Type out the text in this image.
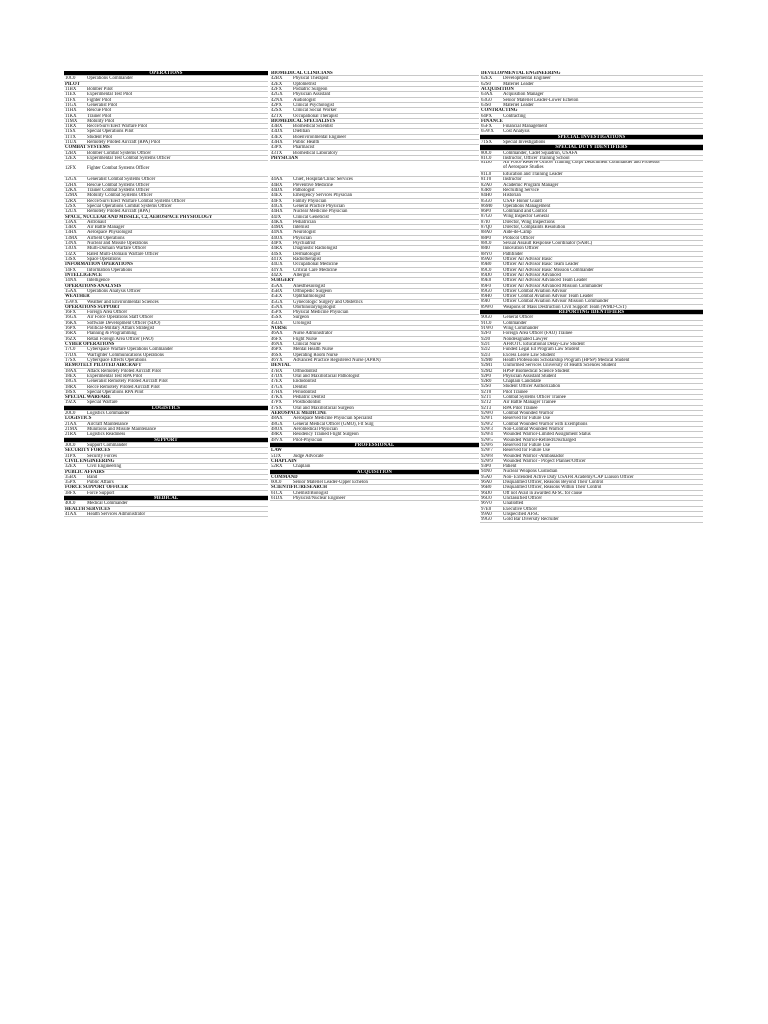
OPERATIONS
10C0 Operations Commander
PILOT
11BX Bomber Pilot
11EX Experimental Test Pilot
11FX Fighter Pilot
11GX Generalist Pilot
11HX Rescue Pilot
11KX Trainer Pilot
11MX Mobility Pilot
11RX Recce/Surv/Elect Warfare Pilot
11SX Special Operations Pilot
11TX Student Pilot
11UX Remotely Piloted Aircraft (RPA) Pilot
COMBAT SYSTEMS
12BX Bomber Combat Systems Officer
12EX Experimental Test Combat Systems Officer
12FX Fighter Combat Systems Officer
12GX Generalist Combat Systems Officer
12HX Rescue Combat Systems Officer
12KX Trainer Combat Systems Officer
12MX Mobility Combat Systems Officer
12RX Recce/Surv/Elect Warfare Combat Systems Officer
12SX Special Operations Combat Systems Officer
12UX Remotely Piloted Aircraft (RPA)
SPACE, NUCLEAR AND MISSILE, C2, AEROSPACE PHYSIOLOGY
13AX Astronaut
13BX Air Battle Manager
13HX Aerospace Physiologist
13MX Airfield Operations
13NX Nuclear and Missile Operations
13OX Multi-Domain Warfare Officer
13ZX Rated Multi-Domain Warfare Officer
13SX Space Operations
INFORMATION OPERATIONS
14FX Information Operations
INTELLIGENCE
14NX Intelligence
OPERATIONS ANALYSIS
15AX Operations Analysis Officer
WEATHER
15WX Weather and Environmental Sciences
OPERATIONS SUPPORT
16FX Foreign Area Officer
16GX Air Force Operations Staff Officer
16KX Software Development Officer (SDO)
16PX Political-Military Affairs Strategist
16RX Planning & Programming
16ZX Retail Foreign Area Officer (FAO)
CYBER OPERATIONS
17C0 Cyberspace Warfare Operations Commander
17DX Warfighter Communications Operations
17SX Cyberspace Effects Operations
REMOTELY PILOTED AIRCRAFT
18AX Attack Remotely Piloted Aircraft Pilot
18EX Experimental Test RPA Pilot
18GX Generalist Remotely Piloted Aircraft Pilot
18RX Recce Remotely Piloted Aircraft Pilot
18SX Special Operations RPA Pilot
SPECIAL WARFARE
19ZX Special Warfare
LOGISTICS
20C0 Logistics Commander
LOGISTICS
21AX Aircraft Maintenance
21MX Munitions and Missile Maintenance
21RX Logistics Readiness
SUPPORT
30C0 Support Commander
SECURITY FORCES
31PX Security Forces
CIVIL ENGINEERING
32EX Civil Engineering
PUBLIC AFFAIRS
35BX Band
35PX Public Affairs
FORCE SUPPORT OFFICER
38FX Force Support
MEDICAL
40C0 Medical Commander
HEALTH SERVICES
41AX Health Services Administrator
BIOMEDICAL CLINICIANS
42BX Physical Therapist
42EX Optometrist
42FX Podiatric Surgeon
42GX Physician Assistant
42NX Audiologist
42PX Clinical Psychologist
42SX Clinical Social Worker
42TX Occupational Therapist
BIOMEDICAL SPECIALISTS
43BX Biomedical Scientist
43DX Dietitian
43EX Bioenvironmental Engineer
43HX Public Health
43PX Pharmacist
43TX Biomedical Laboratory
PHYSICIAN
44AX Chief, Hospital/Clinic Services
44BX Preventive Medicine
44DX Pathologist
44EX Emergency Services Physician
44FX Family Physician
44GX General Practice Physician
44HX Nuclear Medicine Physician
44JX Clinical Geneticist
44KX Pediatrician
44MX Internist
44NX Neurologist
44OX Physician
44PX Psychiatrist
44RX Diagnostic Radiologist
44SX Dermatologist
44TX Radiotherapist
44UX Occupational Medicine
44YX Critical Care Medicine
44ZX Allergist
SURGERY
45AX Anesthesiologist
45BX Orthopedic Surgeon
45EX Ophthalmologist
45GX Gynecologic Surgery and Obstetrics
45NX Otorhinolaryngologist
45PX Physical Medicine Physician
45SX Surgeon
45UX Urologist
NURSE
46AX Nurse Administrator
46FX Flight Nurse
46NX Clinical Nurse
46PX Mental Health Nurse
46SX Operating Room Nurse
46YX Advanced Practice Registered Nurse (APRN)
DENTAL
47BX Orthodontist
47DX Oral and Maxillofacial Pathologist
47EX Endodontist
47GX Dentist
47HX Periodontist
47KX Pediatric Dentist
47PX Prosthodontist
47SX Oral and Maxillofacial Surgeon
AEROSPACE MEDICINE
48AX Aerospace Medicine Physician Specialist
48GX General Medical Officer (GMO), Flt Surg
48OX Aeromedical Physician
48RX Residency Trained Flight Surgeon
48VX Pilot-Physician
PROFESSIONAL
LAW
51JX Judge Advocate
CHAPLAIN
52RX Chaplain
ACQUISITION
COMMAND
60C0 Senior Materiel Leader-Upper Echelon
SCIENTIFIC/RESEARCH
61CX Chemist/Biologist
61DX Physicist/Nuclear Engineer
DEVELOPMENTAL ENGINEERING
62EX Developmental Engineer
62S0	Materiel Leader
ACQUISITION
63AX Acquisition Manager
63G0 Senior Materiel Leader-Lower Echelon
63S0	Materiel Leader
CONTRACTING
64PX Contracting
FINANCE
65FX Financial Management
65WX Cost Analysis
SPECIAL INVESTIGATIONS
71SX Special Investigations
SPECIAL DUTY IDENTIFIERS
80C0 Commander, Cadet Squadron, USAFA
81C0 Instructor, Officer Training School
81D0 Air Force Reserve Officer Training Corps Detachment Commander and Professor of Aerospace Studies
81L0 Education and Training Leader
81T0 Instructor
82A0 Academic Program Manager
83R0 Recruiting Service
84H0 Historian
85G0 USAF Honor Guard
86M0 Operations Management
86P0	Command and Control
87G0 Wing Inspector General
87I0	Director, Wing Inspections
87Q0 Director, Complaints Resolution
88A0 Aide-de-Camp
88P0	Protocol Officer
88C0 Sexual Assault Response Coordinator (SARC)
88I0	Innovation Officer
88Y0 Pathfinder
89A0 Officer Air Advisor Basic
89B0 Officer Air Advisor Basic Team Leader
89C0 Officer Air Advisor Basic Mission Commander
89D0 Officer Air Advisor Advanced
89E0 Officer Air Advisor Advanced Team Leader
89F0	Officer Air Advisor Advanced Mission Commander
89G0 Officer Combat Aviation Advisor
89H0 Officer Combat Aviation Advisor Team Leader
89I0	Officer Combat Aviation Advisor Mission Commander
89W0 Weapons of Mass Destruction Civil Support Team (WMD-CST)
REPORTING IDENTIFIERS
90G0 General Officer
91C0 Commander
91W0 Wing Commander
92F0	Foreign Area Officer (FAO) Trainee
92J0	Nondesignated Lawyer
92J1	AFROTC Educational Delay-Law Student
92J2	Funded Legal Ed Program Law Student
92J3	Excess Leave Law Student
92M0 Health Professions Scholarship Program (HPSP) Medical Student
92M1 Uniformed Services University of Health Sciences Student
92M2 HPSP Biomedical Science Student
92P0	Physician Assistant Student
92R0 Chaplain Candidate
92S0	Student Officer Authorization
92T0 Pilot Trainee
92T1 Combat Systems Officer Trainee
92T2 Air Battle Manager Trainee
92T3 RPA Pilot Trainee
92W0 Combat Wounded Warrior
92W1 Reserved for Future Use
92W2 Combat Wounded Warrior with Exemptions
92W3 Non-Combat Wounded Warrior
92W4 Wounded Warrior-Limited Assignment Status
92W5 Wounded Warrior-Retired/Discharged
92W6 Reserved for Future Use
92W7 Reserved for Future Use
92W8 Wounded Warrior -Ambassador
92W9 Wounded Warrior - Project Planner/Officer
93P0	Patient
94N0 Nuclear Weapons Custodian
95A0 Non- Extended Active Duty USAFR Academy/CAP Liaison Officer
96A0 Disqualified Officer, Reasons Beyond Their Control
96B0 Disqualified Officer, Reasons Within Their Control
96D0 Off not Avail in awarded AFSC for cause
96U0 Unclassified Officer
96V0 Unallotted
97E0 Executive Officer
99A0 Unspecified AFSC
99G0 Gold Bar Diversity Recruiter
